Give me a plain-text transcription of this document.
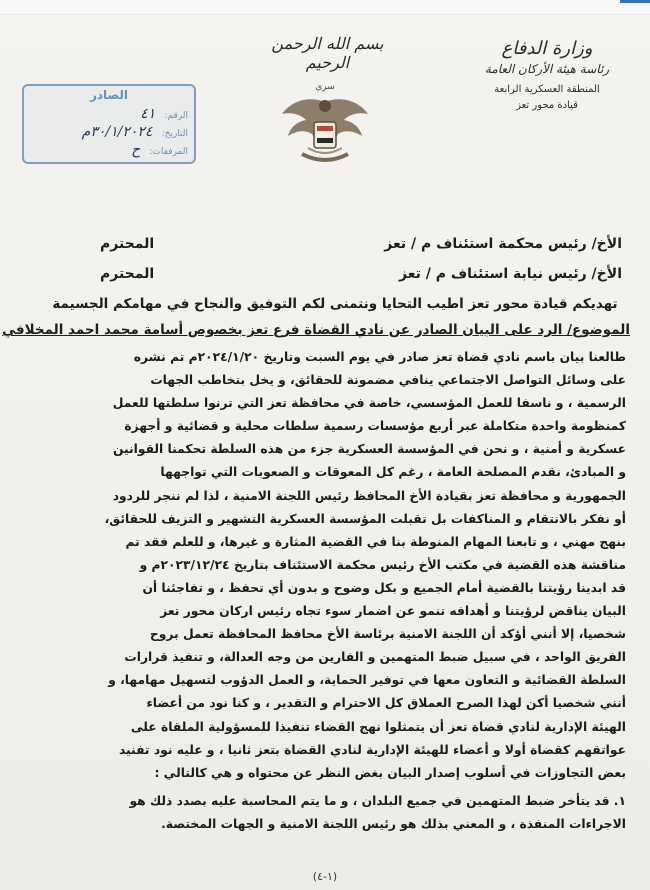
بسم الله الرحمن الرحيم
سري
وزارة الدفاع
رئاسة هيئة الأركان العامة
المنطقة العسكرية الرابعة
قيادة محور تعز
الصادر
الرقم: ٤١
التاريخ: ٣٠/١/٢٠٢٤م
المرفقات: ح
الأخ/ رئيس محكمة استئناف م / تعز
المحترم
الأخ/ رئيس نيابة استئناف م / تعز
المحترم
تهديكم قيادة محور تعز اطيب التحايا ونتمنى لكم التوفيق والنجاح في مهامكم الجسيمة
الموضوع/ الرد على البيان الصادر عن نادي القضاة فرع تعز بخصوص أسامة محمد احمد المخلافي

طالعنا بيان باسم نادي قضاة تعز صادر في يوم السبت وتاريخ ٢٠٢٤/١/٢٠م تم نشره

على وسائل التواصل الاجتماعي ينافي مضمونة للحقائق، و يخل بتخاطب الجهات

الرسمية ، و ناسفا للعمل المؤسسي، خاصة في محافظة تعز التي ترنوا سلطتها للعمل

كمنظومة واحدة متكاملة عبر أربع مؤسسات رسمية سلطات محلية و قضائية و أجهزة

عسكرية و أمنية ، و نحن في المؤسسة العسكرية جزء من هذه السلطة تحكمنا القوانين

و المبادئ، نقدم المصلحة العامة ، رغم كل المعوقات و الصعوبات التي تواجهها

الجمهورية و محافظة تعز بقيادة الأخ المحافظ رئيس اللجنة الامنية ، لذا لم ننجر للردود

أو نفكر بالانتقام و المناكفات بل تقبلت المؤسسة العسكرية التشهير و التزيف للحقائق،

بنهج مهني ، و تابعنا المهام المنوطة بنا في القضية المثارة و غيرها، و للعلم فقد تم

مناقشة هذه القضية في مكتب الأخ رئيس محكمة الاستئناف بتاريخ ٢٠٢٣/١٢/٢٤م و

قد ابدينا رؤيتنا بالقضية أمام الجميع و بكل وضوح و بدون أي تحفظ ، و تفاجئنا أن

البيان يناقض لرؤيتنا و أهدافه تنمو عن اضمار سوء تجاه رئيس اركان محور تعز

شخصيا، إلا أنني أؤكد أن اللجنة الامنية برئاسة الأخ محافظ المحافظة تعمل بروح

الفريق الواحد ، في سبيل ضبط المتهمين و الفارين من وجه العدالة، و تنفيذ قرارات

السلطة القضائية و التعاون معها في توفير الحماية، و العمل الدؤوب لتسهيل مهامها، و

أنني شخصيا أكن لهذا الصرح العملاق كل الاحترام و التقدير ، و كنا نود من أعضاء

الهيئة الإدارية لنادي قضاة تعز أن يتمثلوا نهج القضاء تنفيذا للمسؤولية الملقاة على

عواتقهم كقضاة أولا و أعضاء للهيئة الإدارية لنادي القضاة بتعز ثانيا ، و عليه نود تفنيد

بعض التجاوزات في أسلوب إصدار البيان بغض النظر عن محتواه و هي كالتالي :

١. قد يتأخر ضبط المتهمين في جميع البلدان ، و ما يتم المحاسبة عليه بصدد ذلك هو
الاجراءات المنفذة ، و المعني بذلك هو رئيس اللجنة الامنية و الجهات المختصة.
(١-٤)
